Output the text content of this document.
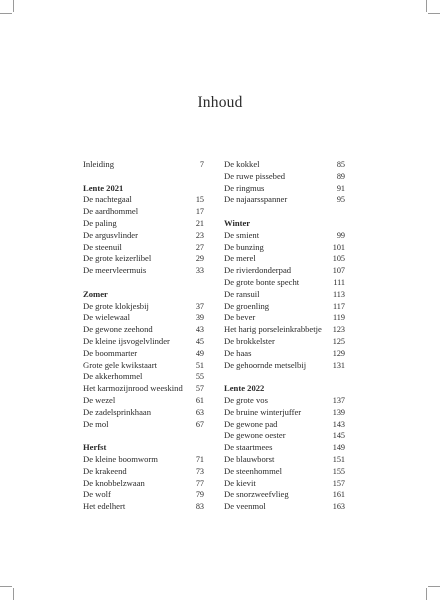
Inhoud
Inleiding	7
Lente 2021
De nachtegaal	15
De aardhommel	17
De paling	21
De argusvlinder	23
De steenuil	27
De grote keizerlibel	29
De meervleermuis	33
Zomer
De grote klokjesbij	37
De wielewaal	39
De gewone zeehond	43
De kleine ijsvogelvlinder	45
De boommarter	49
Grote gele kwikstaart	51
De akkerhommel	55
Het karmozijnrood weeskind	57
De wezel	61
De zadelsprinkhaan	63
De mol	67
Herfst
De kleine boomworm	71
De krakeend	73
De knobbelzwaan	77
De wolf	79
Het edelhert	83
De kokkel	85
De ruwe pissebed	89
De ringmus	91
De najaarsspanner	95
Winter
De smient	99
De bunzing	101
De merel	105
De rivierdonderpad	107
De grote bonte specht	111
De ransuil	113
De groenling	117
De bever	119
Het harig porseleinkrabbetje	123
De brokkelster	125
De haas	129
De gehoornde metselbij	131
Lente 2022
De grote vos	137
De bruine winterjuffer	139
De gewone pad	143
De gewone oester	145
De staartmees	149
De blauwborst	151
De steenhommel	155
De kievit	157
De snorzweefvlieg	161
De veenmol	163
